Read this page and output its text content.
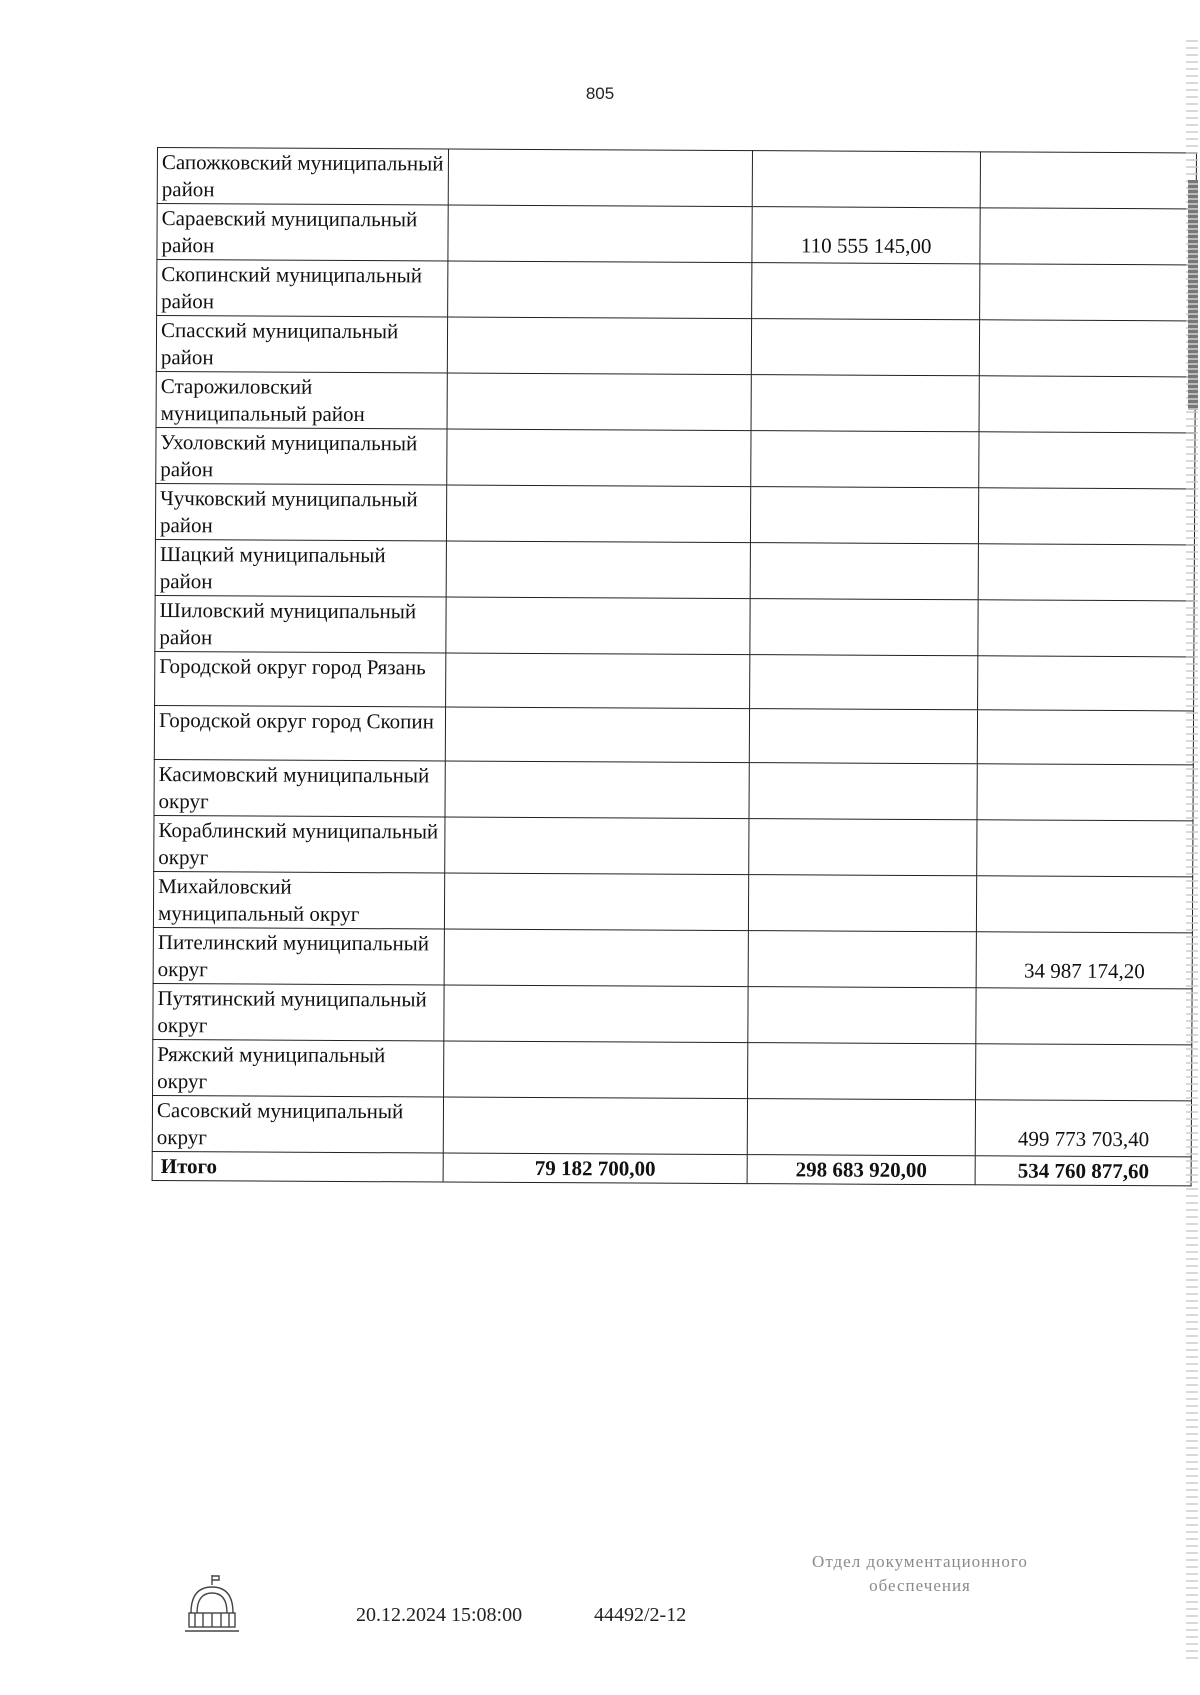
805
Сапожковский муниципальный район			
Сараевский муниципальный район		110 555 145,00	
Скопинский муниципальный район			
Спасский муниципальный район			
Старожиловский муниципальный район			
Ухоловский муниципальный район			
Чучковский муниципальный район			
Шацкий муниципальный район			
Шиловский муниципальный район			
Городской округ город Рязань			
Городской округ город Скопин			
Касимовский муниципальный округ			
Кораблинский муниципальный округ			
Михайловский муниципальный округ			
Пителинский муниципальный округ			34 987 174,20
Путятинский муниципальный округ			
Ряжский муниципальный округ			
Сасовский муниципальный округ			499 773 703,40
Итого	79 182 700,00	298 683 920,00	534 760 877,60
20.12.2024 15:08:00	44492/2-12
Отдел документационного
обеспечения
